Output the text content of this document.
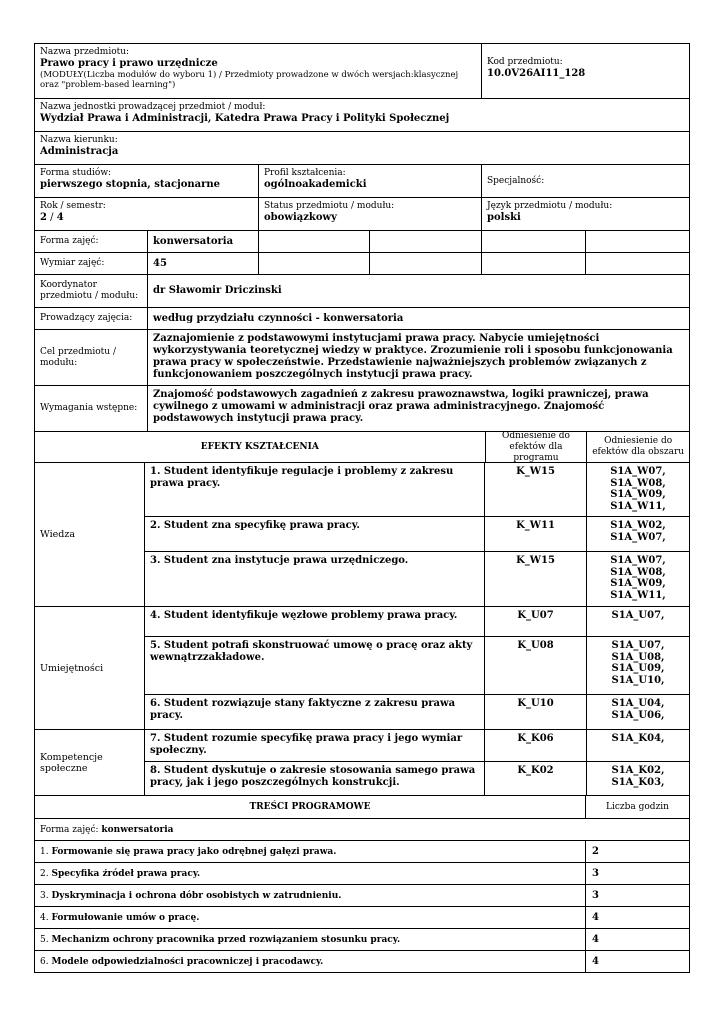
Nazwa przedmiotu:
Prawo pracy i prawo urzędnicze
(MODUŁY(Liczba modułów do wyboru 1) / Przedmioty prowadzone w dwóch wersjach:klasycznej oraz "problem-based learning")
Kod przedmiotu:
10.0V26AI11_128
Nazwa jednostki prowadzącej przedmiot / moduł:
Wydział Prawa i Administracji, Katedra Prawa Pracy i Polityki Społecznej
Nazwa kierunku:
Administracja
Forma studiów:
pierwszego stopnia, stacjonarne
Profil kształcenia:
ogólnoakademicki	Specjalność:
Rok / semestr:
2 / 4
Status przedmiotu / modułu:
obowiązkowy
Język przedmiotu / modułu:
polski
Forma zajęć:	konwersatoria
Wymiar zajęć:	45
Koordynator przedmiotu / modułu:	dr Sławomir Driczinski
Prowadzący zajęcia:	według przydziału czynności - konwersatoria
Cel przedmiotu / modułu:
Zaznajomienie z podstawowymi instytucjami prawa pracy. Nabycie umiejętności wykorzystywania teoretycznej wiedzy w praktyce. Zrozumienie roli i sposobu funkcjonowania prawa pracy w społeczeństwie. Przedstawienie najważniejszych problemów związanych z funkcjonowaniem poszczególnych instytucji prawa pracy.
Wymagania wstępne:
Znajomość podstawowych zagadnień z zakresu prawoznawstwa, logiki prawniczej, prawa cywilnego z umowami w administracji oraz prawa administracyjnego. Znajomość podstawowych instytucji prawa pracy.
EFEKTY KSZTAŁCENIA
Odniesienie do efektów dla programu
Odniesienie do efektów dla obszaru
Wiedza
1. Student identyfikuje regulacje i problemy z zakresu prawa pracy.
K_W15	S1A_W07,
S1A_W08,
S1A_W09,
S1A_W11,
2. Student zna specyfikę prawa pracy.	K_W11	S1A_W02,
S1A_W07,
3. Student zna instytucje prawa urzędniczego.	K_W15	S1A_W07,
S1A_W08,
S1A_W09,
S1A_W11,
Umiejętności
4. Student identyfikuje węzłowe problemy prawa pracy.	K_U07	S1A_U07,
5. Student potrafi skonstruować umowę o pracę oraz akty wewnątrzzakładowe.
K_U08	S1A_U07,
S1A_U08,
S1A_U09,
S1A_U10,
6. Student rozwiązuje stany faktyczne z zakresu prawa pracy.
K_U10	S1A_U04,
S1A_U06,
Kompetencje społeczne
7. Student rozumie specyfikę prawa pracy i jego wymiar społeczny.
K_K06	S1A_K04,
8. Student dyskutuje o zakresie stosowania samego prawa pracy, jak i jego poszczególnych konstrukcji.
K_K02	S1A_K02,
S1A_K03,
TREŚCI PROGRAMOWE	Liczba godzin
Forma zajęć:
konwersatoria
1.
Formowanie się prawa pracy jako odrębnej gałęzi prawa.	2
2.
Specyfika źródeł prawa pracy.	3
3.
Dyskryminacja i ochrona dóbr osobistych w zatrudnieniu.	3
4.
Formułowanie umów o pracę.	4
5.
Mechanizm ochrony pracownika przed rozwiązaniem stosunku pracy.	4
6.
Modele odpowiedzialności pracowniczej i pracodawcy.	4
